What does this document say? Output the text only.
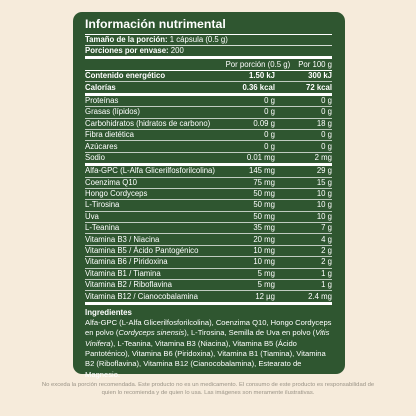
Información nutrimental
Tamaño de la porción: 1 cápsula (0.5 g)
Porciones por envase: 200
Por porción (0.5 g) Por 100 g
Contenido energético	1.50 kJ	300 kJ
Calorías	0.36 kcal	72 kcal
Proteínas	0 g	0 g
Grasas (lípidos)	0 g	0 g
Carbohidratos (hidratos de carbono)	0.09 g	18 g
Fibra dietética	0 g	0 g
Azúcares	0 g	0 g
Sodio	0.01 mg	2 mg
Alfa-GPC (L-Alfa Glicerilfosforilcolina)	145 mg	29 g
Coenzima Q10	75 mg	15 g
Hongo Cordyceps	50 mg	10 g
L-Tirosina	50 mg	10 g
Uva	50 mg	10 g
L-Teanina	35 mg	7 g
Vitamina B3 / Niacina	20 mg	4 g
Vitamina B5 / Ácido Pantogénico	10 mg	2 g
Vitamina B6 / Piridoxina	10 mg	2 g
Vitamina B1 / Tiamina	5 mg	1 g
Vitamina B2 / Riboflavina	5 mg	1 g
Vitamina B12 / Cianocobalamina	12 µg	2.4 mg
Ingredientes
Alfa-GPC (L-Alfa Glicerilfosforilcolina), Coenzima Q10, Hongo Cordyceps en polvo (Cordyceps sinensis), L-Tirosina, Semilla de Uva en polvo (Vitis Vinifera), L-Teanina, Vitamina B3 (Niacina), Vitamina B5 (Ácido Pantoténico), Vitamina B6 (Piridoxina), Vitamina B1 (Tiamina), Vitamina B2 (Riboflavina), Vitamina B12 (Cianocobalamina), Estearato de Magnesio.
No exceda la porción recomendada. Este producto no es un medicamento. El consumo de este producto es responsabilidad de quien lo recomienda y de quien lo usa. Las imágenes son meramente ilustrativas.
